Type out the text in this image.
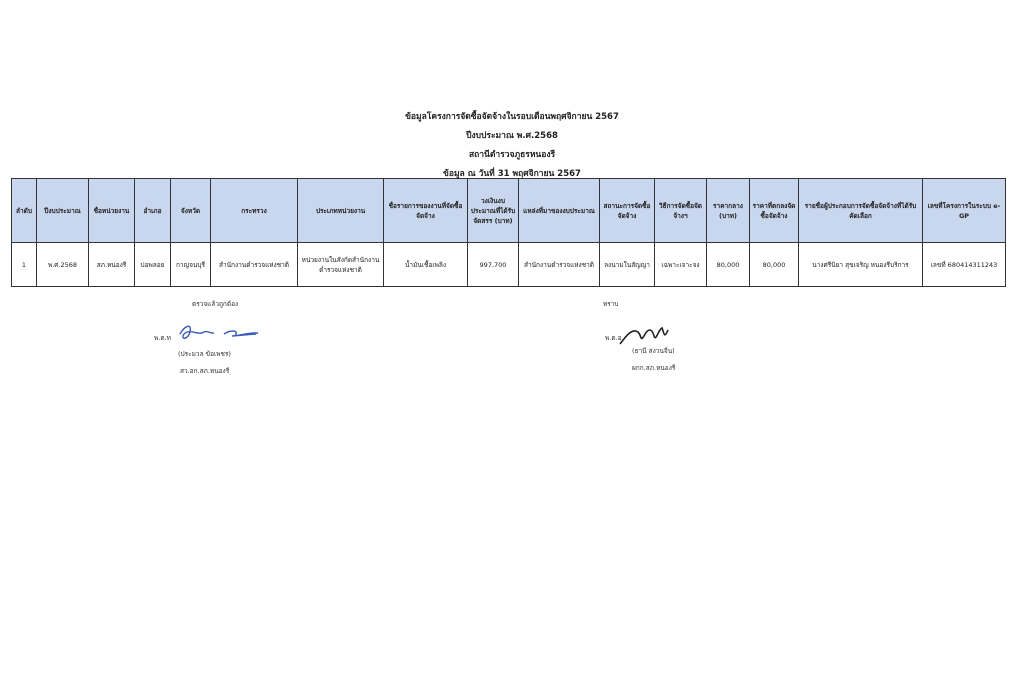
ข้อมูลโครงการจัดซื้อจัดจ้างในรอบเดือนพฤศจิกายน 2567
ปีงบประมาณ พ.ศ.2568
สถานีตำรวจภูธรหนองรี
ข้อมูล ณ วันที่ 31 พฤศจิกายน 2567
ลำดับ	ปีงบประมาณ	ชื่อหน่วยงาน	อำเภอ	จังหวัด	กระทรวง	ประเภทหน่วยงาน	ชื่อรายการของงานที่จัดซื้อจัดจ้าง	วงเงินงบประมาณที่ได้รับจัดสรร (บาท)	แหล่งที่มาของงบประมาณ	สถานะการจัดซื้อจัดจ้าง	วิธีการจัดซื้อจัดจ้างฯ	ราคากลาง (บาท)	ราคาที่ตกลงจัดซื้อจัดจ้าง	รายชื่อผู้ประกอบการจัดซื้อจัดจ้างที่ได้รับคัดเลือก	เลขที่โครงการในระบบ e-GP
1	พ.ศ.2568	สภ.หนองรี	บ่อพลอย	กาญจนบุรี	สำนักงานตำรวจแห่งชาติ	หน่วยงานในสังกัดสำนักงานตำรวจแห่งชาติ	น้ำมันเชื้อเพลิง	997,700	สำนักงานตำรวจแห่งชาติ	ลงนามในสัญญา	เฉพาะเจาะจง	80,000	80,000	นางศรีนิยา สุขเจริญ หนองรีบริการ	เลขที่ 680414311243
ตรวจแล้วถูกต้อง
พ.ต.ท
(ประมวล ข้อเพชร)
สว.อก.สภ.หนองรี
ทราบ
พ.ต.อ
(ธานี สงวนจีน)
ผกก.สภ.หนองรี
